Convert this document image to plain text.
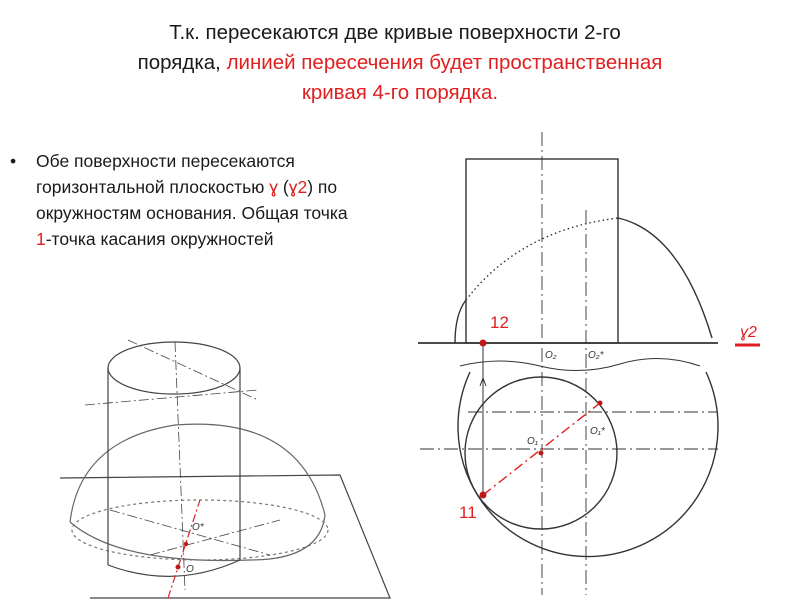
Т.к. пересекаются две кривые поверхности 2-го
порядка, линией пересечения будет пространственная
кривая 4-го порядка.
• Обе поверхности пересекаются горизонтальной плоскостью ɣ (ɣ2) по окружностям основания. Общая точка 1-точка касания окружностей
12
11
ɣ2
O₂	O₂*
O₁
O₁*
O*
O
